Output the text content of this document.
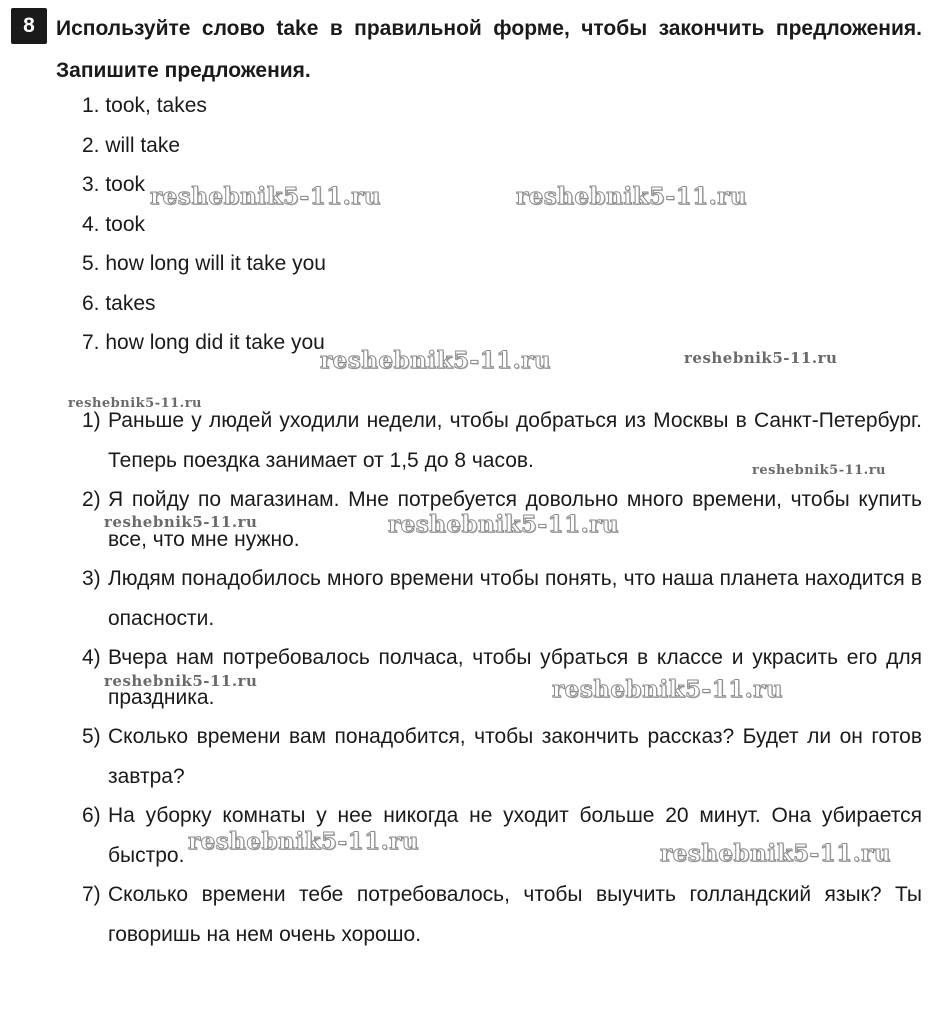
8	Используйте слово take в правильной форме, чтобы закончить предложения. Запишите предложения.

1. took, takes
2. will take
3. took
4. took
5. how long will it take you
6. takes
7. how long did it take you
1) Раньше у людей уходили недели, чтобы добраться из Москвы в Санкт-Петербург. Теперь поездка занимает от 1,5 до 8 часов.
2) Я пойду по магазинам. Мне потребуется довольно много времени, чтобы купить все, что мне нужно.
3) Людям понадобилось много времени чтобы понять, что наша планета находится в опасности.
4) Вчера нам потребовалось полчаса, чтобы убраться в классе и украсить его для праздника.
5) Сколько времени вам понадобится, чтобы закончить рассказ? Будет ли он готов завтра?
6) На уборку комнаты у нее никогда не уходит больше 20 минут. Она убирается быстро.
7) Сколько времени тебе потребовалось, чтобы выучить голландский язык? Ты говоришь на нем очень хорошо.
reshebnik5-11.ru	reshebnik5-11.ru
reshebnik5-11.ru	reshebnik5-11.ru
reshebnik5-11.ru
reshebnik5-11.ru
reshebnik5-11.ru	reshebnik5-11.ru
reshebnik5-11.ru	reshebnik5-11.ru
reshebnik5-11.ru	reshebnik5-11.ru
